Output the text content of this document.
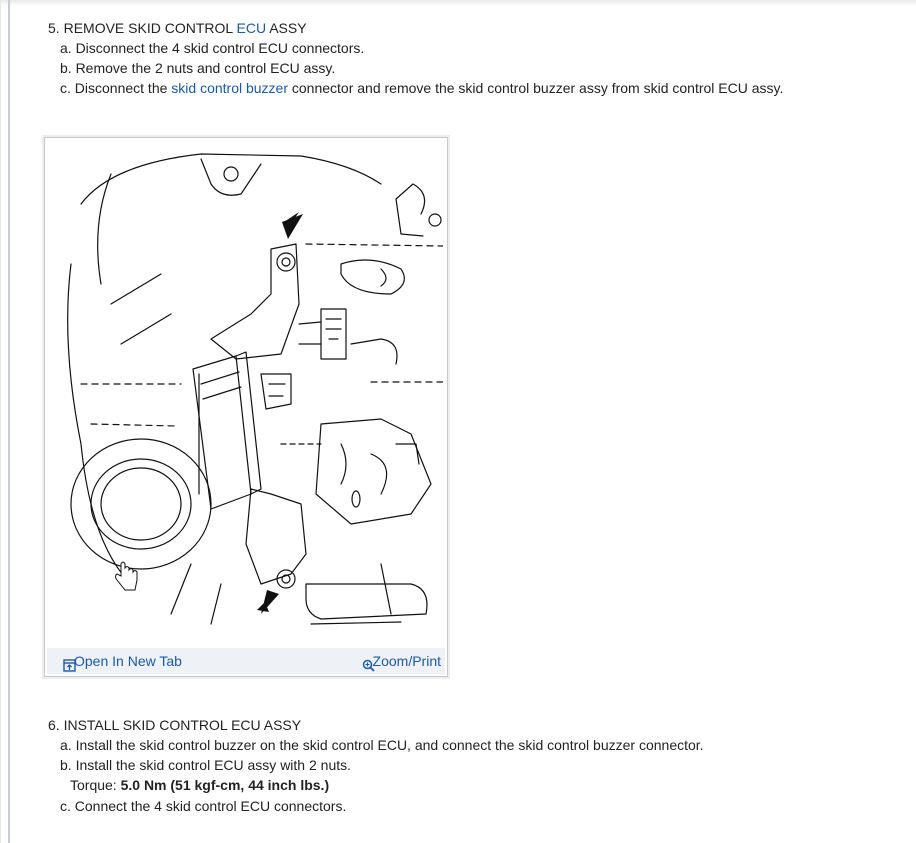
5. REMOVE SKID CONTROL ECU ASSY
a. Disconnect the 4 skid control ECU connectors.
b. Remove the 2 nuts and control ECU assy.
c. Disconnect the skid control buzzer connector and remove the skid control buzzer assy from skid control ECU assy.
Open In New Tab	Zoom/Print
6. INSTALL SKID CONTROL ECU ASSY
a. Install the skid control buzzer on the skid control ECU, and connect the skid control buzzer connector.
b. Install the skid control ECU assy with 2 nuts.
Torque: 5.0 Nm (51 kgf-cm, 44 inch lbs.)
c. Connect the 4 skid control ECU connectors.
